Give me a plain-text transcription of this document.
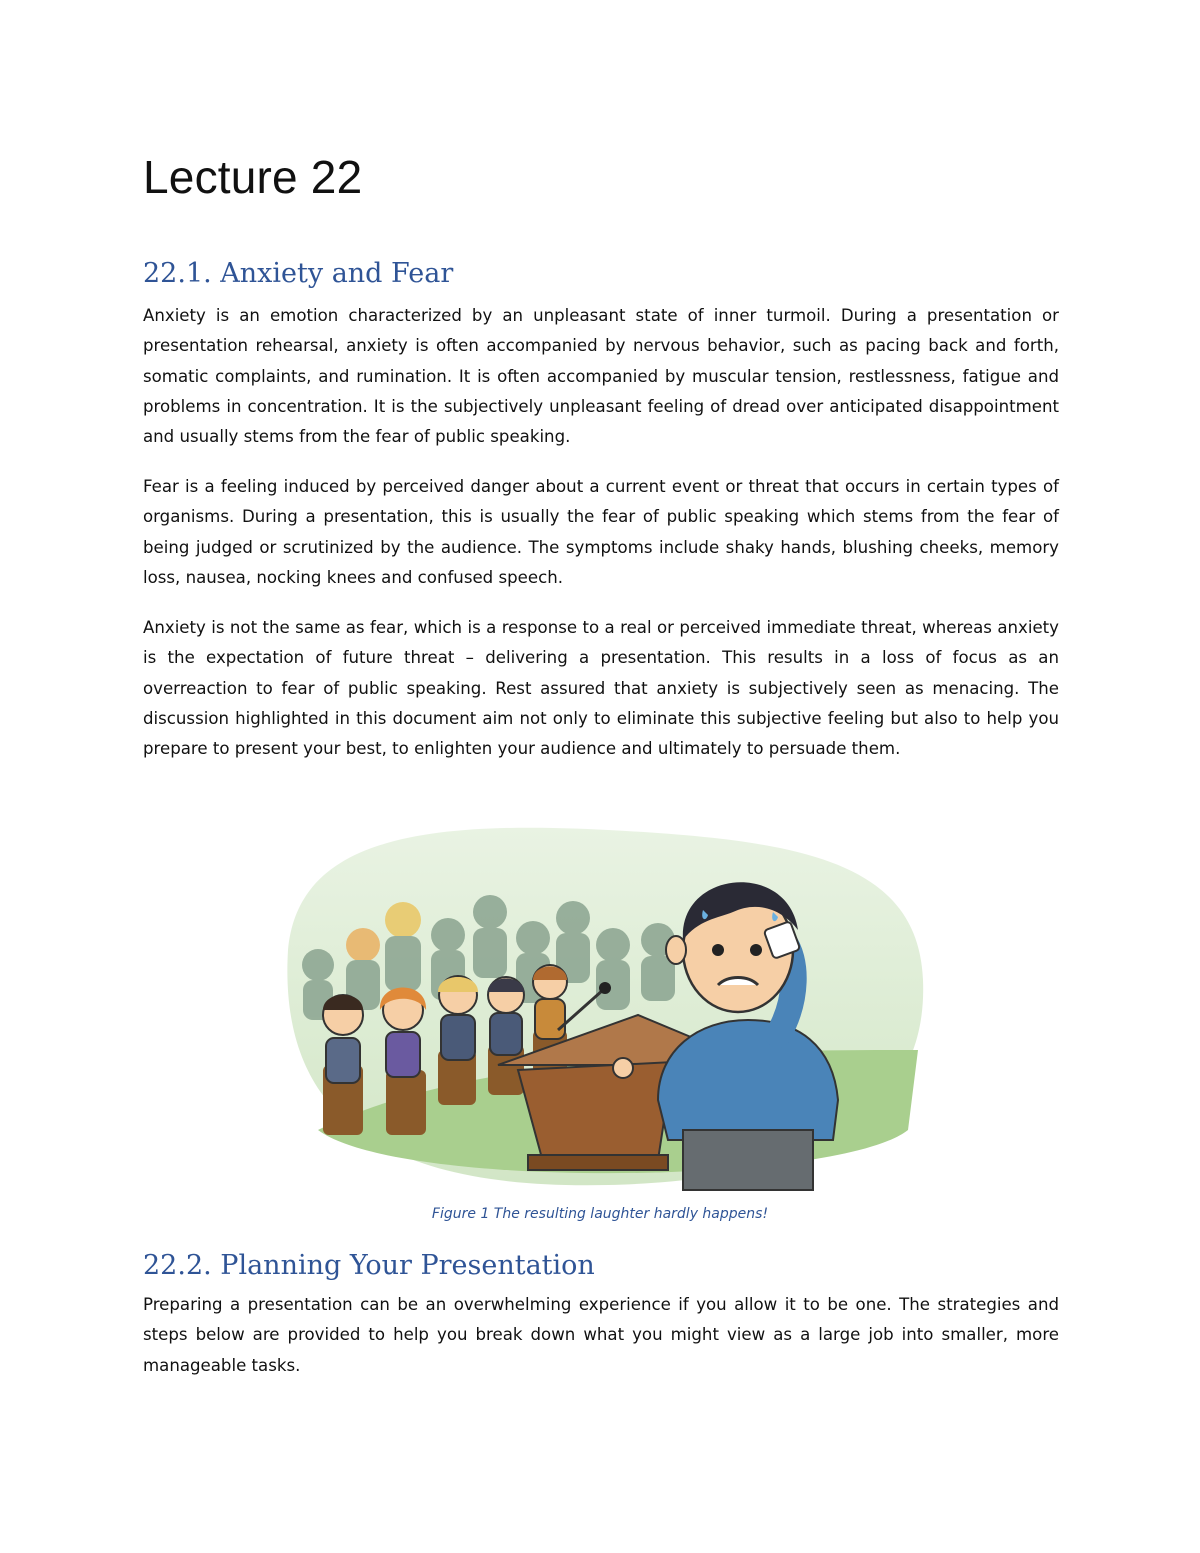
Lecture 22
22.1. Anxiety and Fear

Anxiety is an emotion characterized by an unpleasant state of inner turmoil. During a presentation or presentation rehearsal, anxiety is often accompanied by nervous behavior, such as pacing back and forth, somatic complaints, and rumination. It is often accompanied by muscular tension, restlessness, fatigue and problems in concentration. It is the subjectively unpleasant feeling of dread over anticipated disappointment and usually stems from the fear of public speaking.

Fear is a feeling induced by perceived danger about a current event or threat that occurs in certain types of organisms. During a presentation, this is usually the fear of public speaking which stems from the fear of being judged or scrutinized by the audience. The symptoms include shaky hands, blushing cheeks, memory loss, nausea, nocking knees and confused speech.

Anxiety is not the same as fear, which is a response to a real or perceived immediate threat, whereas anxiety is the expectation of future threat – delivering a presentation. This results in a loss of focus as an overreaction to fear of public speaking. Rest assured that anxiety is subjectively seen as menacing. The discussion highlighted in this document aim not only to eliminate this subjective feeling but also to help you prepare to present your best, to enlighten your audience and ultimately to persuade them.

Figure 1 The resulting laughter hardly happens!
22.2. Planning Your Presentation

Preparing a presentation can be an overwhelming experience if you allow it to be one. The strategies and steps below are provided to help you break down what you might view as a large job into smaller, more manageable tasks.
